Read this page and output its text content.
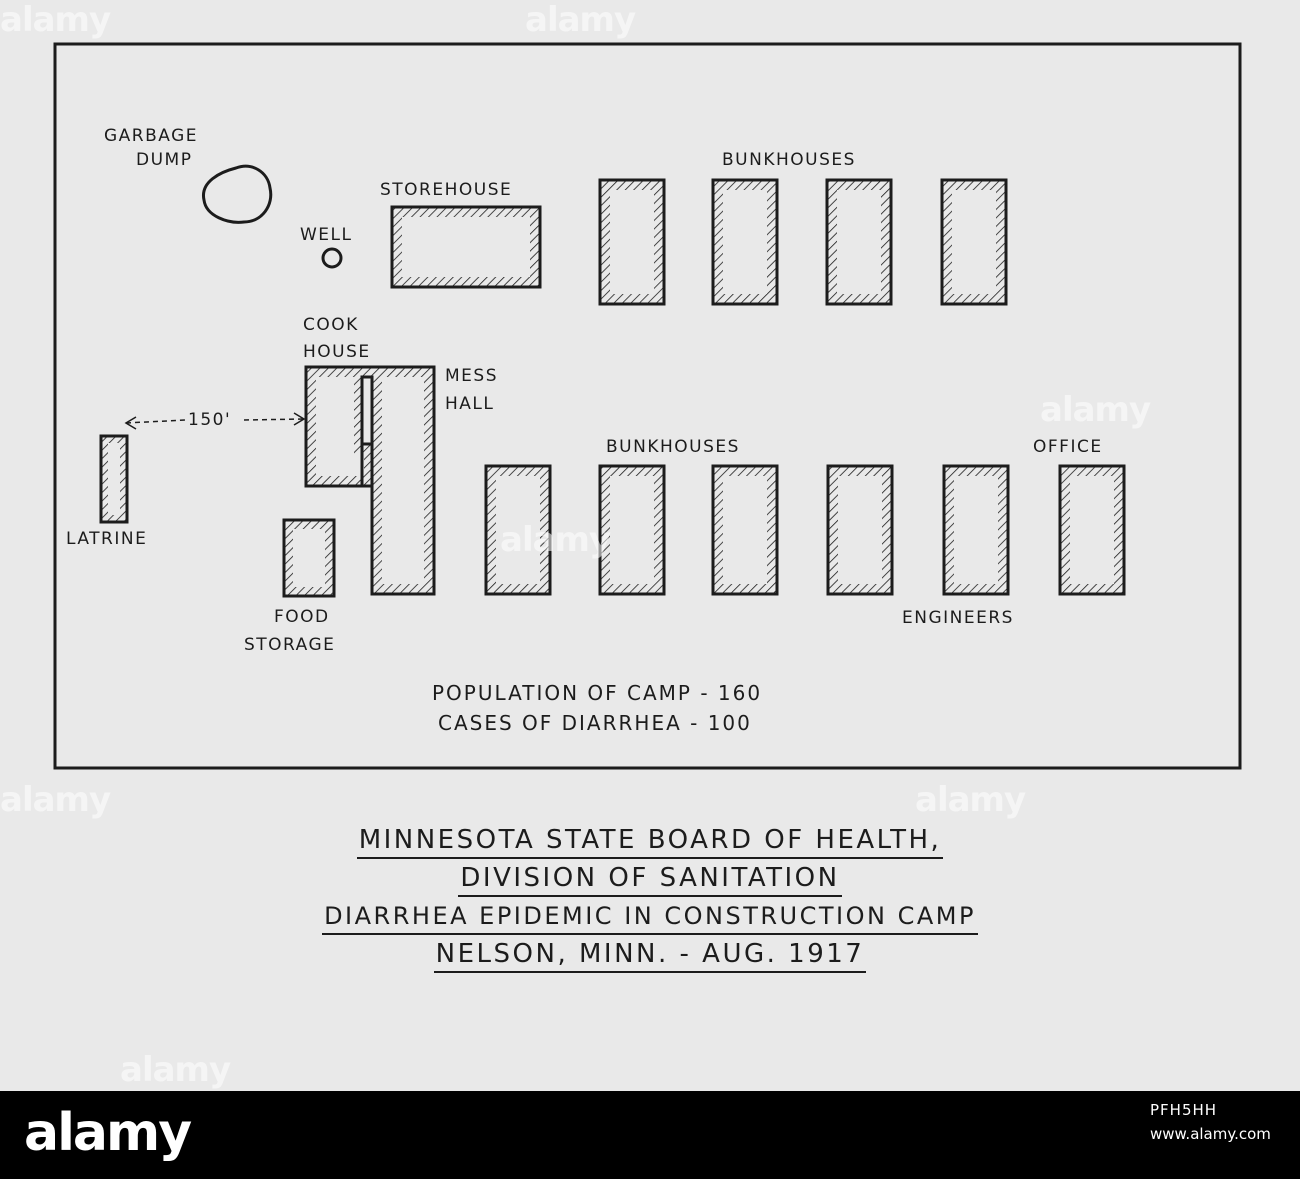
GARBAGE
DUMP
WELL
STOREHOUSE
BUNKHOUSES
COOK
HOUSE
MESS
HALL
150'
LATRINE
BUNKHOUSES	OFFICE
FOOD
STORAGE
ENGINEERS
POPULATION OF CAMP - 160
CASES OF DIARRHEA - 100
MINNESOTA STATE BOARD OF HEALTH,
DIVISION OF SANITATION
DIARRHEA EPIDEMIC IN CONSTRUCTION CAMP
NELSON, MINN. - AUG. 1917
alamy	alamy
alamy
alamy	alamy
alamy
alamy
alamy	PFH5HH
www.alamy.com
